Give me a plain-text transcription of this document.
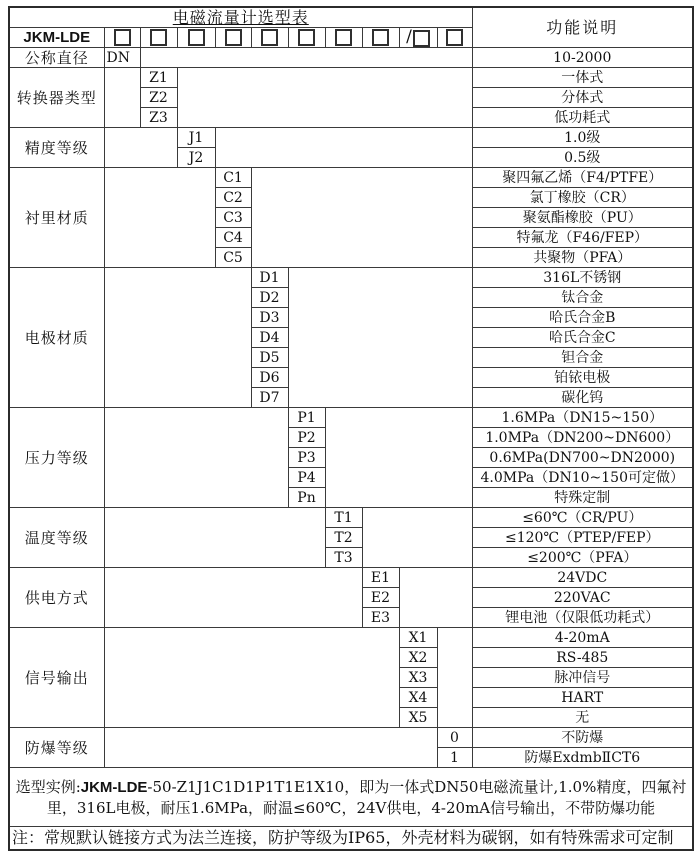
电磁流量计选型表											功能说明
JKM-LDE									/		
公称直径	DN										10-2000
转换器类型		Z1									一体式
		Z2									分体式
		Z3									低功耗式
精度等级			J1								1.0级
			J2								0.5级
衬里材质				C1							聚四氟乙烯（F4/PTFE）
				C2							氯丁橡胶（CR）
				C3							聚氨酯橡胶（PU）
				C4							特氟龙（F46/FEP）
				C5							共聚物（PFA）
电极材质					D1						316L不锈钢
					D2						钛合金
					D3						哈氏合金B
					D4						哈氏合金C
					D5						钽合金
					D6						铂铱电极
					D7						碳化钨
压力等级						P1					1.6MPa（DN15~150）
						P2					1.0MPa（DN200~DN600）
						P3					0.6MPa(DN700~DN2000)
						P4					4.0MPa（DN10~150可定做）
						Pn					特殊定制
温度等级							T1				≤60℃（CR/PU）
							T2				≤120℃（PTEP/FEP）
							T3				≤200℃（PFA）
供电方式								E1			24VDC
								E2			220VAC
								E3			锂电池（仅限低功耗式）
信号输出									X1		4-20mA
									X2		RS-485
									X3		脉冲信号
									X4		HART
									X5		无
防爆等级										0	不防爆
										1	防爆ExdmbⅡCT6
选型实例:JKM-LDE-50-Z1J1C1D1P1T1E1X10，即为一体式DN50电磁流量计,1.0%精度，四氟衬里，316L电极，耐压1.6MPa，耐温≤60℃，24V供电，4-20mA信号输出，不带防爆功能											
注：常规默认链接方式为法兰连接，防护等级为IP65，外壳材料为碳钢，如有特殊需求可定制											
